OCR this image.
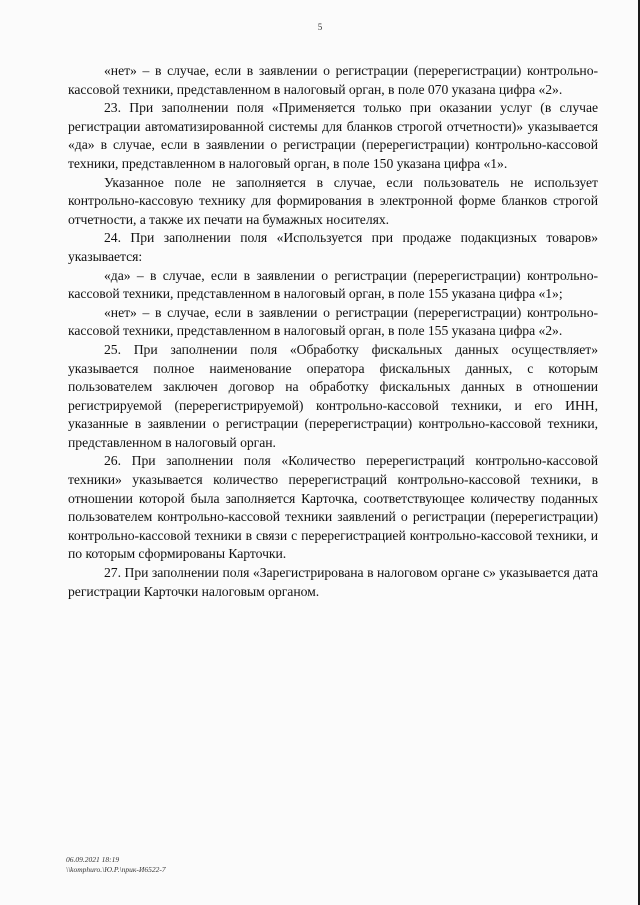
5

«нет» – в случае, если в заявлении о регистрации (перерегистрации) контрольно-кассовой техники, представленном в налоговый орган, в поле 070 указана цифра «2».

23. При заполнении поля «Применяется только при оказании услуг (в случае регистрации автоматизированной системы для бланков строгой отчетности)» указывается «да» в случае, если в заявлении о регистрации (перерегистрации) контрольно-кассовой техники, представленном в налоговый орган, в поле 150 указана цифра «1».

Указанное поле не заполняется в случае, если пользователь не использует контрольно-кассовую технику для формирования в электронной форме бланков строгой отчетности, а также их печати на бумажных носителях.

24. При заполнении поля «Используется при продаже подакцизных товаров» указывается:

«да» – в случае, если в заявлении о регистрации (перерегистрации) контрольно-кассовой техники, представленном в налоговый орган, в поле 155 указана цифра «1»;

«нет» – в случае, если в заявлении о регистрации (перерегистрации) контрольно-кассовой техники, представленном в налоговый орган, в поле 155 указана цифра «2».

25. При заполнении поля «Обработку фискальных данных осуществляет» указывается полное наименование оператора фискальных данных, с которым пользователем заключен договор на обработку фискальных данных в отношении регистрируемой (перерегистрируемой) контрольно-кассовой техники, и его ИНН, указанные в заявлении о регистрации (перерегистрации) контрольно-кассовой техники, представленном в налоговый орган.

26. При заполнении поля «Количество перерегистраций контрольно-кассовой техники» указывается количество перерегистраций контрольно-кассовой техники, в отношении которой была заполняется Карточка, соответствующее количеству поданных пользователем контрольно-кассовой техники заявлений о регистрации (перерегистрации) контрольно-кассовой техники в связи с перерегистрацией контрольно-кассовой техники, и по которым сформированы Карточки.

27. При заполнении поля «Зарегистрирована в налоговом органе с» указывается дата регистрации Карточки налоговым органом.

06.09.2021 18:19
\\komphuro.\Ю.Р.\прик-И6522-7
